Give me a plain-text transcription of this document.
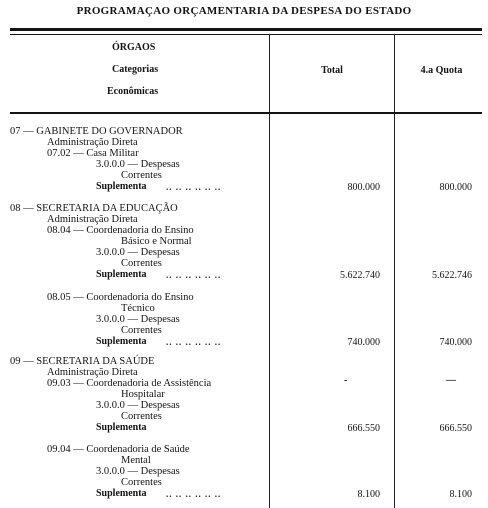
PROGRAMAÇAO ORÇAMENTARIA DA DESPESA DO ESTADO
ÓRGAOS
Categorias
Econômicas
Total	4.a Quota
07 — GABINETE DO GOVERNADOR
Administração Direta
07.02 — Casa Militar
3.0.0.0 — Despesas
Correntes
Suplementa .. .. .. .. .. ..	800.000	800.000
08 — SECRETARIA DA EDUCAÇÃO
Administração Direta
08.04 — Coordenadoria do Ensino
Básico e Normal
3.0.0.0 — Despesas
Correntes
Suplementa .. .. .. .. .. ..	5.622.740	5.622.746
08.05 — Coordenadoria do Ensino
Técnico
3.0.0.0 — Despesas
Correntes
Suplementa .. .. .. .. .. ..	740.000	740.000
09 — SECRETARIA DA SAÚDE
Administração Direta
09.03 — Coordenadoria de Assistência	-	—
Hospitalar
3.0.0.0 — Despesas
Correntes
Suplementa	666.550	666.550
09.04 — Coordenadoria de Saúde
Mental
3.0.0.0 — Despesas
Correntes
Suplementa .. .. .. .. .. ..	8.100	8.100
